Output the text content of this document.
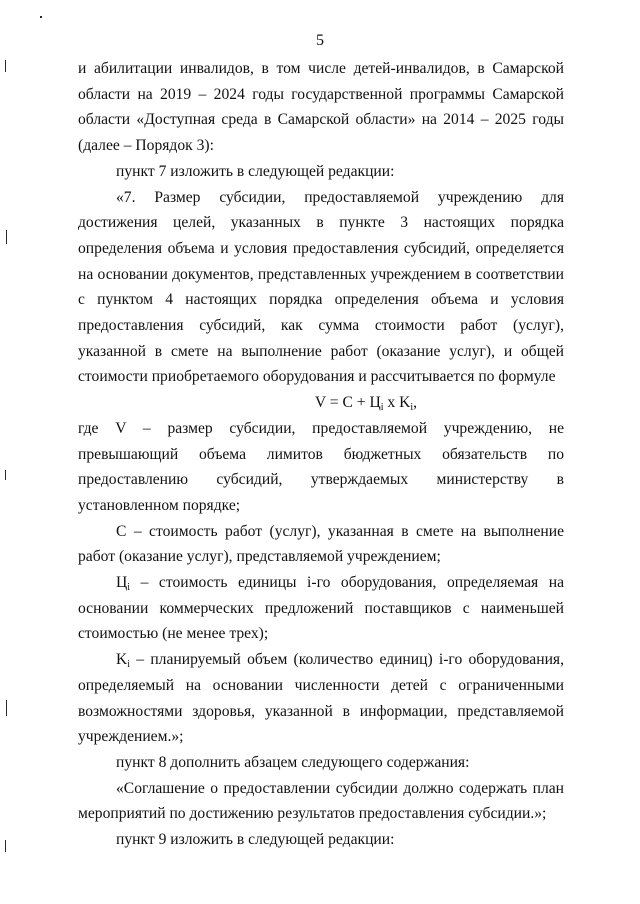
5

и абилитации инвалидов, в том числе детей-инвалидов, в Самарской области на 2019 – 2024 годы государственной программы Самарской области «Доступная среда в Самарской области» на 2014 – 2025 годы (далее – Порядок 3):

пункт 7 изложить в следующей редакции:

«7. Размер субсидии, предоставляемой учреждению для достижения целей, указанных в пункте 3 настоящих порядка определения объема и условия предоставления субсидий, определяется на основании документов, представленных учреждением в соответствии с пунктом 4 настоящих порядка определения объема и условия предоставления субсидий, как сумма стоимости работ (услуг), указанной в смете на выполнение работ (оказание услуг), и общей стоимости приобретаемого оборудования и рассчитывается по формуле

$V = C + Ц_i$ x $K_i$,

где V – размер субсидии, предоставляемой учреждению, не превышающий объема лимитов бюджетных обязательств по предоставлению субсидий, утверждаемых министерству в установленном порядке;

C – стоимость работ (услуг), указанная в смете на выполнение работ (оказание услуг), представляемой учреждением;

$Ц_i$ – стоимость единицы i-го оборудования, определяемая на основании коммерческих предложений поставщиков с наименьшей стоимостью (не менее трех);

$K_i$ – планируемый объем (количество единиц) i-го оборудования, определяемый на основании численности детей с ограниченными возможностями здоровья, указанной в информации, представляемой учреждением.»;

пункт 8 дополнить абзацем следующего содержания:

«Соглашение о предоставлении субсидии должно содержать план мероприятий по достижению результатов предоставления субсидии.»;

пункт 9 изложить в следующей редакции:
